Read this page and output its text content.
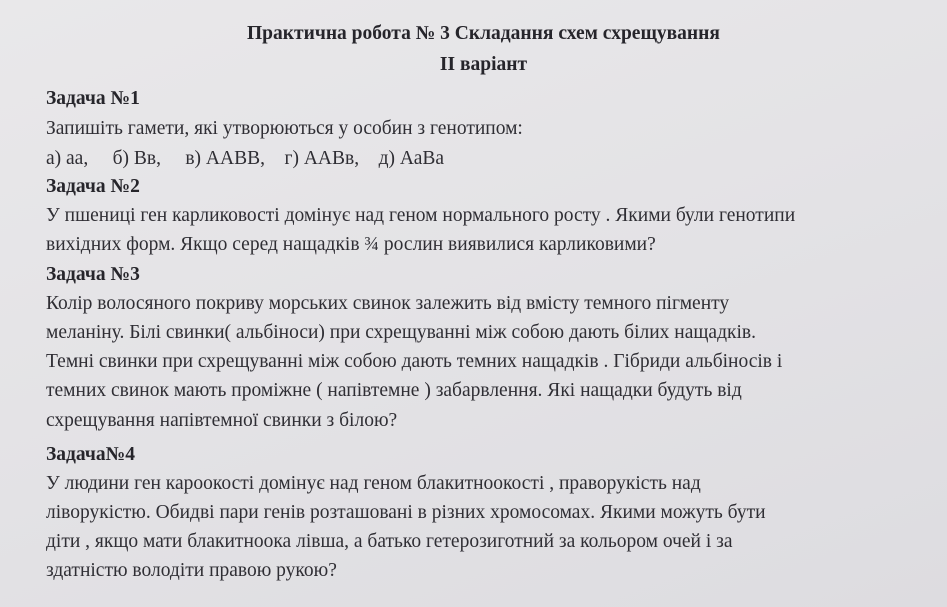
Практична робота № 3 Складання схем схрещування
ІІ варіант
Задача №1
Запишіть гамети, які утворюються у особин з генотипом:
а) аа,     б) Вв,     в) ААВВ,    г) ААВв,    д) АаВа
Задача №2
У пшениці ген карликовості домінує над геном нормального росту . Якими були генотипи
вихідних форм. Якщо серед нащадків ¾ рослин виявилися карликовими?
Задача №3
Колір волосяного покриву морських свинок залежить від вмісту темного пігменту
меланіну. Білі свинки( альбіноси) при схрещуванні між собою дають білих нащадків.
Темні свинки при схрещуванні між собою дають темних нащадків . Гібриди альбіносів і
темних свинок мають проміжне ( напівтемне ) забарвлення. Які нащадки будуть від
схрещування напівтемної свинки з білою?
Задача№4
У людини ген кароокості домінує над геном блакитноокості , праворукість над
ліворукістю. Обидві пари генів розташовані в різних хромосомах. Якими можуть бути
діти , якщо мати блакитноока лівша, а батько гетерозиготний за кольором очей і за
здатністю володіти правою рукою?
